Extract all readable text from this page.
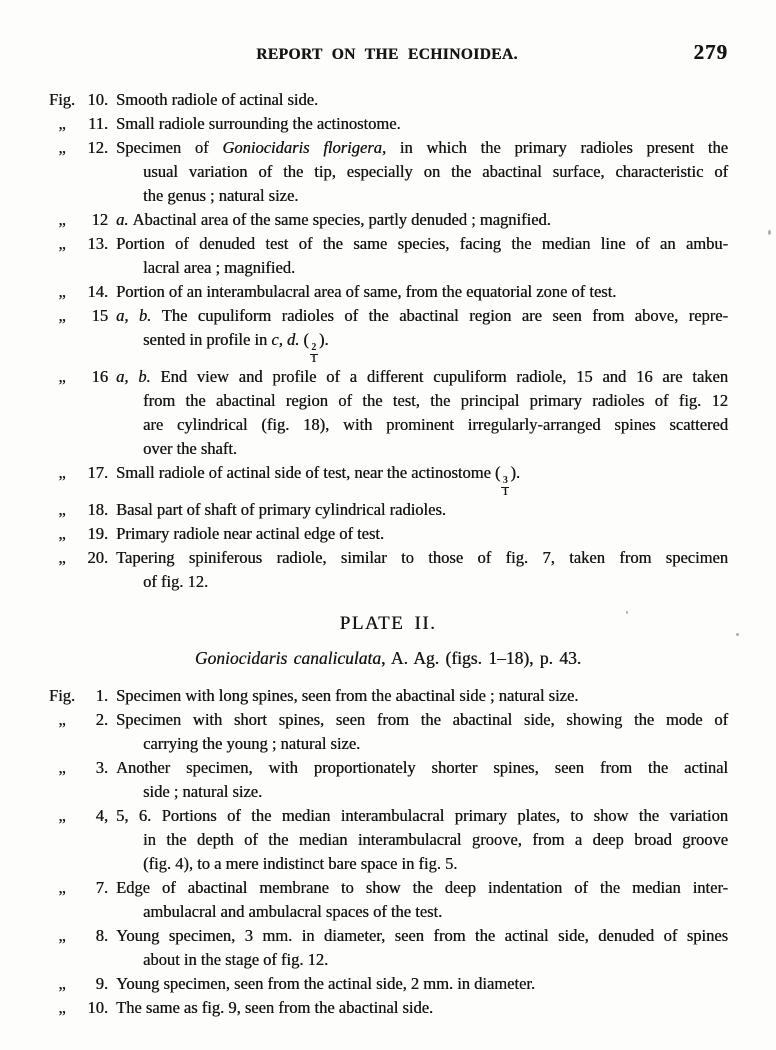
REPORT ON THE ECHINOIDEA.	279
Fig. 10. Smooth radiole of actinal side.
„	11. Small radiole surrounding the actinostome.
„	12. Specimen of Goniocidaris florigera, in which the primary radioles present the
usual variation of the tip, especially on the abactinal surface, characteristic of
the genus ; natural size.
„	12 a. Abactinal area of the same species, partly denuded ; magnified.
„	13. Portion of denuded test of the same species, facing the median line of an ambu-
lacral area ; magnified.
„	14. Portion of an interambulacral area of same, from the equatorial zone of test.
„	15 a, b. The cupuliform radioles of the abactinal region are seen from above, repre-
sented in profile in c, d. (
$\frac{2}{1}$
).
„	16 a, b. End view and profile of a different cupuliform radiole, 15 and 16 are taken
from the abactinal region of the test, the principal primary radioles of fig. 12
are cylindrical (fig. 18), with prominent irregularly-arranged spines scattered
over the shaft.
„	17. Small radiole of actinal side of test, near the actinostome (
$\frac{3}{1}$
).
„	18. Basal part of shaft of primary cylindrical radioles.
„	19. Primary radiole near actinal edge of test.
„	20. Tapering spiniferous radiole, similar to those of fig. 7, taken from specimen
of fig. 12.
PLATE II.

Goniocidaris canaliculata, A. Ag. (figs. 1–18), p. 43.

Fig.	1. Specimen with long spines, seen from the abactinal side ; natural size.
„	2. Specimen with short spines, seen from the abactinal side, showing the mode of
carrying the young ; natural size.
„	3. Another specimen, with proportionately shorter spines, seen from the actinal
side ; natural size.
„	4, 5, 6. Portions of the median interambulacral primary plates, to show the variation
in the depth of the median interambulacral groove, from a deep broad groove
(fig. 4), to a mere indistinct bare space in fig. 5.
„	7. Edge of abactinal membrane to show the deep indentation of the median inter-
ambulacral and ambulacral spaces of the test.
„	8. Young specimen, 3 mm. in diameter, seen from the actinal side, denuded of spines
about in the stage of fig. 12.
„	9. Young specimen, seen from the actinal side, 2 mm. in diameter.
„	10. The same as fig. 9, seen from the abactinal side.
